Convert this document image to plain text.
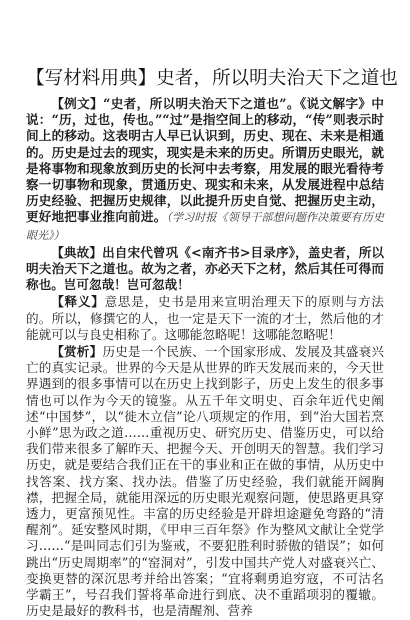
【写材料用典】史者，所以明夫治天下之道也

【例文】“史者，所以明夫治天下之道也”。《说文解字》中说：“历，过也，传也。”“过”是指空间上的移动，“传”则表示时间上的移动。这表明古人早已认识到，历史、现在、未来是相通的。历史是过去的现实，现实是未来的历史。所谓历史眼光，就是将事物和现象放到历史的长河中去考察，用发展的眼光看待考察一切事物和现象，贯通历史、现实和未来，从发展进程中总结历史经验、把握历史规律，以此提升历史自觉、把握历史主动，更好地把事业推向前进。（学习时报《领导干部想问题作决策要有历史眼光》）

【典故】出自宋代曾巩《<南齐书>目录序》，盖史者，所以明夫治天下之道也。故为之者，亦必天下之材，然后其任可得而称也。岂可忽哉！岂可忽哉！

【释义】意思是，史书是用来宣明治理天下的原则与方法的。所以，修撰它的人，也一定是天下一流的才士，然后他的才能就可以与良史相称了。这哪能忽略呢！这哪能忽略呢！

【赏析】历史是一个民族、一个国家形成、发展及其盛衰兴亡的真实记录。世界的今天是从世界的昨天发展而来的，今天世界遇到的很多事情可以在历史上找到影子，历史上发生的很多事情也可以作为今天的镜鉴。从五千年文明史、百余年近代史阐述“中国梦”，以“徙木立信”论八项规定的作用，到“治大国若烹小鲜”思为政之道……重视历史、研究历史、借鉴历史，可以给我们带来很多了解昨天、把握今天、开创明天的智慧。我们学习历史，就是要结合我们正在干的事业和正在做的事情，从历史中找答案、找方案、找办法。借鉴了历史经验，我们就能开阔胸襟，把握全局，就能用深远的历史眼光观察问题，使思路更具穿透力，更富预见性。丰富的历史经验是开辟坦途避免弯路的“清醒剂”。延安整风时期，《甲申三百年祭》作为整风文献让全党学习……“是叫同志们引为鉴戒，不要犯胜利时骄傲的错误”；如何跳出“历史周期率”的“窑洞对”，引发中国共产党人对盛衰兴亡、变换更替的深沉思考并给出答案；“宜将剩勇追穷寇，不可沽名学霸王”，号召我们誓将革命进行到底、决不重蹈项羽的覆辙。历史是最好的教科书，也是清醒剂、营养
